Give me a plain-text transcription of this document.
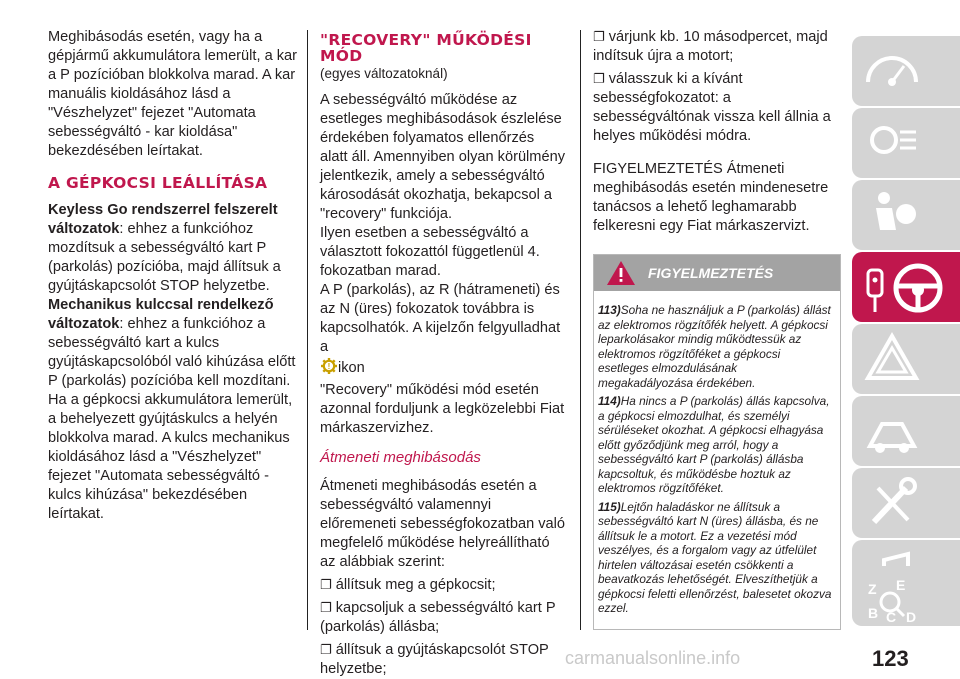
Meghibásodás esetén, vagy ha a gépjármű akkumulátora lemerült, a kar a P pozícióban blokkolva marad. A kar manuális kioldásához lásd a "Vészhelyzet" fejezet "Automata sebességváltó - kar kioldása" bekezdésében leírtakat.

A GÉPKOCSI LEÁLLÍTÁSA

Keyless Go rendszerrel felszerelt változatok: ehhez a funkcióhoz mozdítsuk a sebességváltó kart P (parkolás) pozícióba, majd állítsuk a gyújtáskapcsolót STOP helyzetbe.

Mechanikus kulccsal rendelkező változatok: ehhez a funkcióhoz a sebességváltó kart a kulcs gyújtáskapcsolóból való kihúzása előtt P (parkolás) pozícióba kell mozdítani. Ha a gépkocsi akkumulátora lemerült, a behelyezett gyújtáskulcs a helyén blokkolva marad. A kulcs mechanikus kioldásához lásd a "Vészhelyzet" fejezet "Automata sebességváltó - kulcs kihúzása" bekezdésében leírtakat.

"RECOVERY" MŰKÖDÉSI MÓD

(egyes változatoknál)

A sebességváltó működése az esetleges meghibásodások észlelése érdekében folyamatos ellenőrzés alatt áll. Amennyiben olyan körülmény jelentkezik, amely a sebességváltó károsodását okozhatja, bekapcsol a "recovery" funkciója.

Ilyen esetben a sebességváltó a választott fokozattól függetlenül 4. fokozatban marad.

A P (parkolás), az R (hátrameneti) és az N (üres) fokozatok továbbra is kapcsolhatók. A kijelzőn felgyulladhat a

! ikon

"Recovery" működési mód esetén azonnal forduljunk a legközelebbi Fiat márkaszervizhez.

Átmeneti meghibásodás

Átmeneti meghibásodás esetén a sebességváltó valamennyi előremeneti sebességfokozatban való megfelelő működése helyreállítható az alábbiak szerint:

❐ állítsuk meg a gépkocsit;

❐ kapcsoljuk a sebességváltó kart P (parkolás) állásba;

❐ állítsuk a gyújtáskapcsolót STOP helyzetbe;

❐ várjunk kb. 10 másodpercet, majd indítsuk újra a motort;

❐ válasszuk ki a kívánt sebességfokozatot: a sebességváltónak vissza kell állnia a helyes működési módra.

FIGYELMEZTETÉS Átmeneti meghibásodás esetén mindenesetre tanácsos a lehető leghamarabb felkeresni egy Fiat márkaszervizt.

FIGYELMEZTETÉS

113)Soha ne használjuk a P (parkolás) állást az elektromos rögzítőfék helyett. A gépkocsi leparkolásakor mindig működtessük az elektromos rögzítőféket a gépkocsi esetleges elmozdulásának megakadályozása érdekében.

114)Ha nincs a P (parkolás) állás kapcsolva, a gépkocsi elmozdulhat, és személyi sérüléseket okozhat. A gépkocsi elhagyása előtt győződjünk meg arról, hogy a sebességváltó kart P (parkolás) állásba kapcsoltuk, és működésbe hoztuk az elektromos rögzítőféket.

115)Lejtőn haladáskor ne állítsuk a sebességváltó kart N (üres) állásba, és ne állítsuk le a motort. Ez a vezetési mód veszélyes, és a forgalom vagy az útfelület hirtelen változásai esetén csökkenti a beavatkozás lehetőségét. Elveszíthetjük a gépkocsi feletti ellenőrzést, balesetet okozva ezzel.

Z E
B C D
carmanualsonline.info	123
